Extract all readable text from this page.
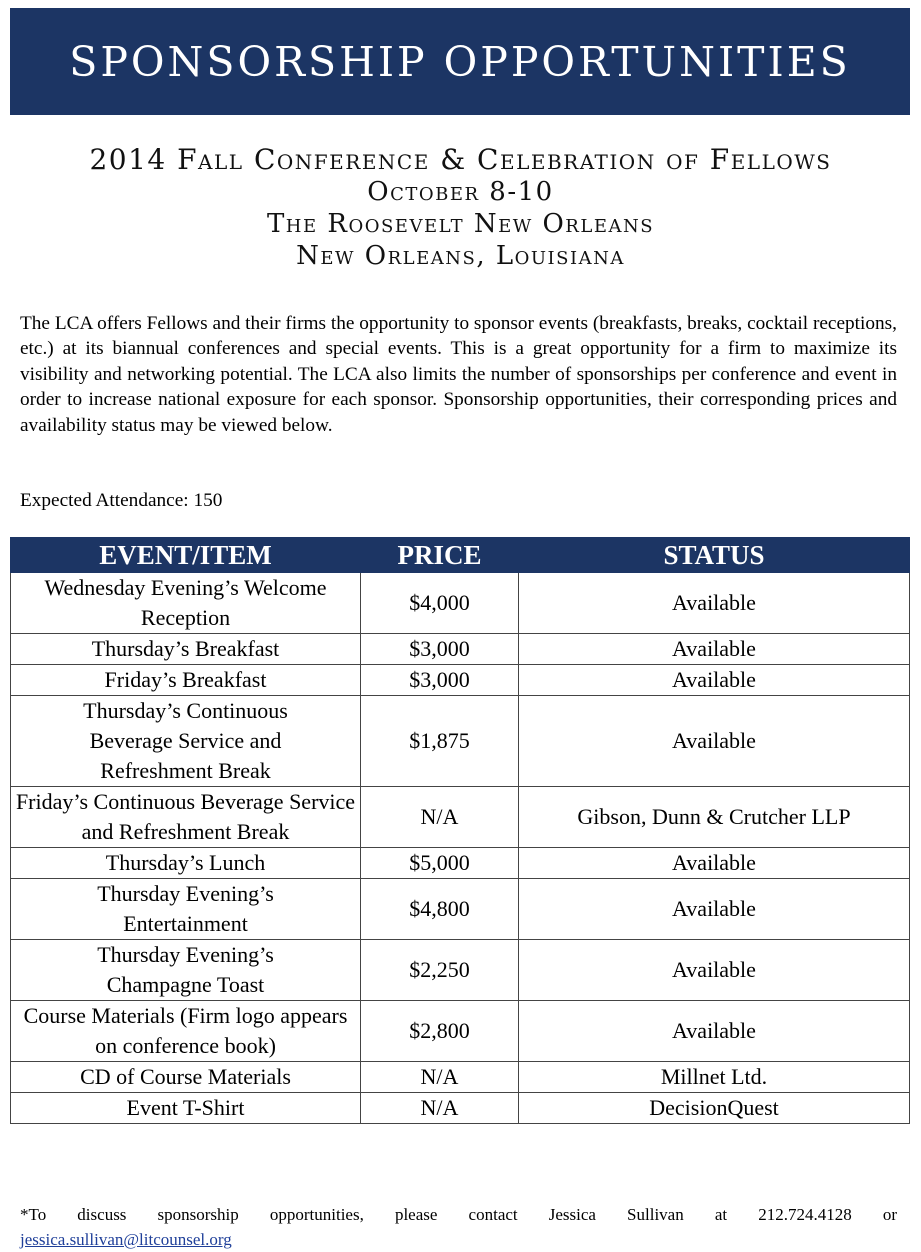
SPONSORSHIP OPPORTUNITIES
2014 Fall Conference & Celebration of Fellows
October 8-10
The Roosevelt New Orleans
New Orleans, Louisiana

The LCA offers Fellows and their firms the opportunity to sponsor events (breakfasts, breaks, cocktail receptions, etc.) at its biannual conferences and special events. This is a great opportunity for a firm to maximize its visibility and networking potential. The LCA also limits the number of sponsorships per conference and event in order to increase national exposure for each sponsor. Sponsorship opportunities, their corresponding prices and availability status may be viewed below.

Expected Attendance: 150

EVENT/ITEM	PRICE	STATUS
Wednesday Evening’s Welcome Reception	$4,000	Available
Thursday’s Breakfast	$3,000	Available
Friday’s Breakfast	$3,000	Available
Thursday’s Continuous Beverage Service and Refreshment Break	$1,875	Available
Friday’s Continuous Beverage Service and Refreshment Break	N/A	Gibson, Dunn & Crutcher LLP
Thursday’s Lunch	$5,000	Available
Thursday Evening’s Entertainment	$4,800	Available
Thursday Evening’s Champagne Toast	$2,250	Available
Course Materials (Firm logo appears on conference book)	$2,800	Available
CD of Course Materials	N/A	Millnet Ltd.
Event T-Shirt	N/A	DecisionQuest
*To discuss sponsorship opportunities, please contact Jessica Sullivan at 212.724.4128 or
jessica.sullivan@litcounsel.org
